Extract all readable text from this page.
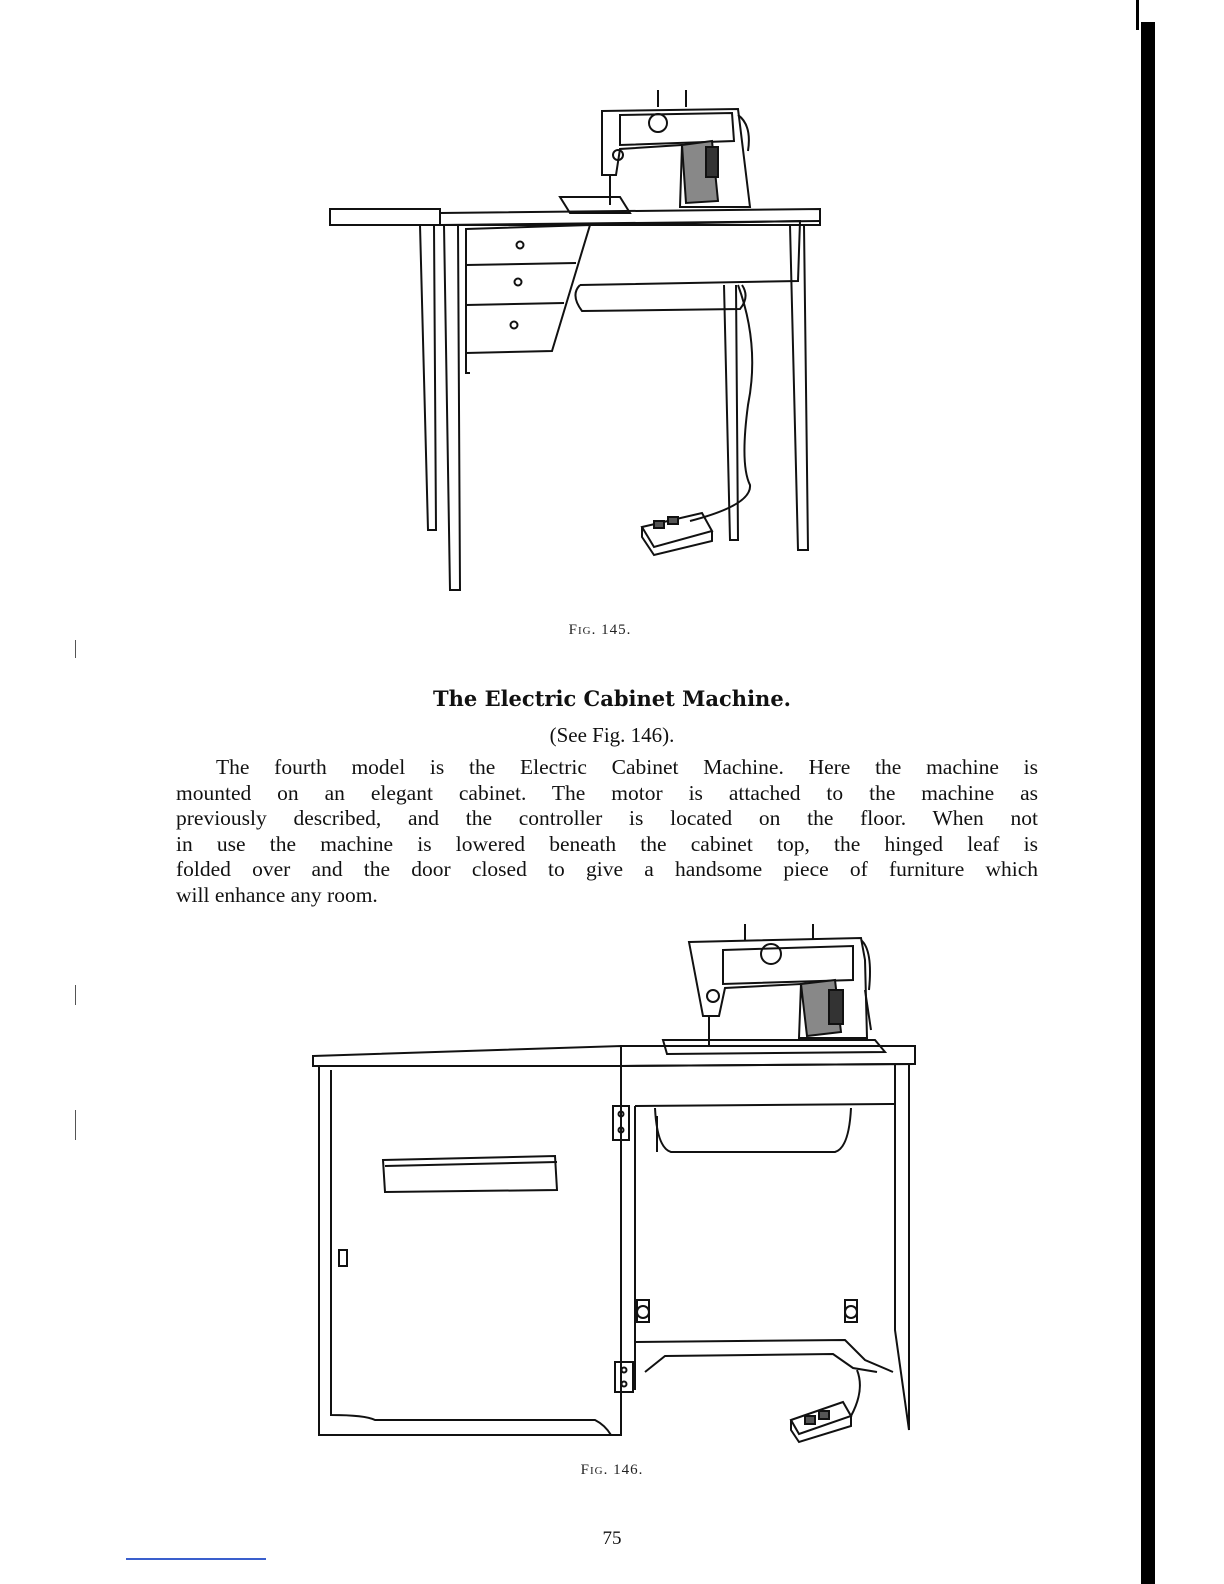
Fig. 145.
The Electric Cabinet Machine.
(See Fig. 146).
The fourth model is the Electric Cabinet Machine. Here the machine is
mounted on an elegant cabinet. The motor is attached to the machine as
previously described, and the controller is located on the floor. When not
in use the machine is lowered beneath the cabinet top, the hinged leaf is
folded over and the door closed to give a handsome piece of furniture which
will enhance any room.
Fig. 146.
75
